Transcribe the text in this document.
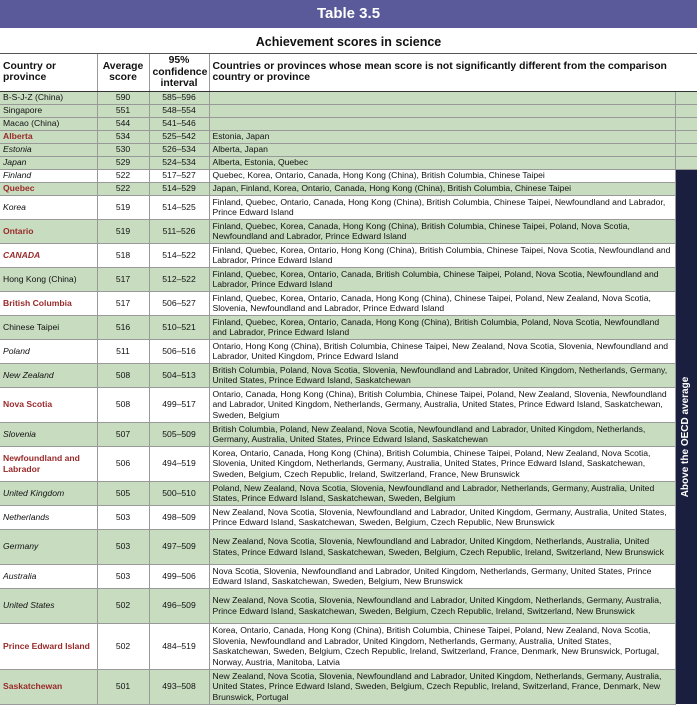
Table 3.5
Achievement scores in science
Country or province	Average score	95% confidence interval	Countries or provinces whose mean score is not significantly different from the comparison country or province	
B-S-J-Z (China)	590	585–596		
Singapore	551	548–554		
Macao (China)	544	541–546		
Alberta	534	525–542	Estonia, Japan	
Estonia	530	526–534	Alberta, Japan	
Japan	529	524–534	Alberta, Estonia, Quebec	
Finland	522	517–527	Quebec, Korea, Ontario, Canada, Hong Kong (China), British Columbia, Chinese Taipei	Above the OECD average

Quebec	522	514–529	Japan, Finland, Korea, Ontario, Canada, Hong Kong (China), British Columbia, Chinese Taipei	
Korea	519	514–525	Finland, Quebec, Ontario, Canada, Hong Kong (China), British Columbia, Chinese Taipei, Newfoundland and Labrador, Prince Edward Island	
Ontario	519	511–526	Finland, Quebec, Korea, Canada, Hong Kong (China), British Columbia, Chinese Taipei, Poland, Nova Scotia, Newfoundland and Labrador, Prince Edward Island	
CANADA	518	514–522	Finland, Quebec, Korea, Ontario, Hong Kong (China), British Columbia, Chinese Taipei, Nova Scotia, Newfoundland and Labrador, Prince Edward Island	
Hong Kong (China)	517	512–522	Finland, Quebec, Korea, Ontario, Canada, British Columbia, Chinese Taipei, Poland, Nova Scotia, Newfoundland and Labrador, Prince Edward Island	
British Columbia	517	506–527	Finland, Quebec, Korea, Ontario, Canada, Hong Kong (China), Chinese Taipei, Poland, New Zealand, Nova Scotia, Slovenia, Newfoundland and Labrador, Prince Edward Island	
Chinese Taipei	516	510–521	Finland, Quebec, Korea, Ontario, Canada, Hong Kong (China), British Columbia, Poland, Nova Scotia, Newfoundland and Labrador, Prince Edward Island	
Poland	511	506–516	Ontario, Hong Kong (China), British Columbia, Chinese Taipei, New Zealand, Nova Scotia, Slovenia, Newfoundland and Labrador, United Kingdom, Prince Edward Island	
New Zealand	508	504–513	British Columbia, Poland, Nova Scotia, Slovenia, Newfoundland and Labrador, United Kingdom, Netherlands, Germany, United States, Prince Edward Island, Saskatchewan	
Nova Scotia	508	499–517	Ontario, Canada, Hong Kong (China), British Columbia, Chinese Taipei, Poland, New Zealand, Slovenia, Newfoundland and Labrador, United Kingdom, Netherlands, Germany, Australia, United States, Prince Edward Island, Saskatchewan, Sweden, Belgium	
Slovenia	507	505–509	British Columbia, Poland, New Zealand, Nova Scotia, Newfoundland and Labrador, United Kingdom, Netherlands, Germany, Australia, United States, Prince Edward Island, Saskatchewan	
Newfoundland and Labrador	506	494–519	Korea, Ontario, Canada, Hong Kong (China), British Columbia, Chinese Taipei, Poland, New Zealand, Nova Scotia, Slovenia, United Kingdom, Netherlands, Germany, Australia, United States, Prince Edward Island, Saskatchewan, Sweden, Belgium, Czech Republic, Ireland, Switzerland, France, New Brunswick	
United Kingdom	505	500–510	Poland, New Zealand, Nova Scotia, Slovenia, Newfoundland and Labrador, Netherlands, Germany, Australia, United States, Prince Edward Island, Saskatchewan, Sweden, Belgium	
Netherlands	503	498–509	New Zealand, Nova Scotia, Slovenia, Newfoundland and Labrador, United Kingdom, Germany, Australia, United States, Prince Edward Island, Saskatchewan, Sweden, Belgium, Czech Republic, New Brunswick	
Germany	503	497–509	New Zealand, Nova Scotia, Slovenia, Newfoundland and Labrador, United Kingdom, Netherlands, Australia, United States, Prince Edward Island, Saskatchewan, Sweden, Belgium, Czech Republic, Ireland, Switzerland, New Brunswick	
Australia	503	499–506	Nova Scotia, Slovenia, Newfoundland and Labrador, United Kingdom, Netherlands, Germany, United States, Prince Edward Island, Saskatchewan, Sweden, Belgium, New Brunswick	
United States	502	496–509	New Zealand, Nova Scotia, Slovenia, Newfoundland and Labrador, United Kingdom, Netherlands, Germany, Australia, Prince Edward Island, Saskatchewan, Sweden, Belgium, Czech Republic, Ireland, Switzerland, New Brunswick	
Prince Edward Island	502	484–519	Korea, Ontario, Canada, Hong Kong (China), British Columbia, Chinese Taipei, Poland, New Zealand, Nova Scotia, Slovenia, Newfoundland and Labrador, United Kingdom, Netherlands, Germany, Australia, United States, Saskatchewan, Sweden, Belgium, Czech Republic, Ireland, Switzerland, France, Denmark, New Brunswick, Portugal, Norway, Austria, Manitoba, Latvia	
Saskatchewan	501	493–508	New Zealand, Nova Scotia, Slovenia, Newfoundland and Labrador, United Kingdom, Netherlands, Germany, Australia, United States, Prince Edward Island, Sweden, Belgium, Czech Republic, Ireland, Switzerland, France, Denmark, New Brunswick, Portugal	
